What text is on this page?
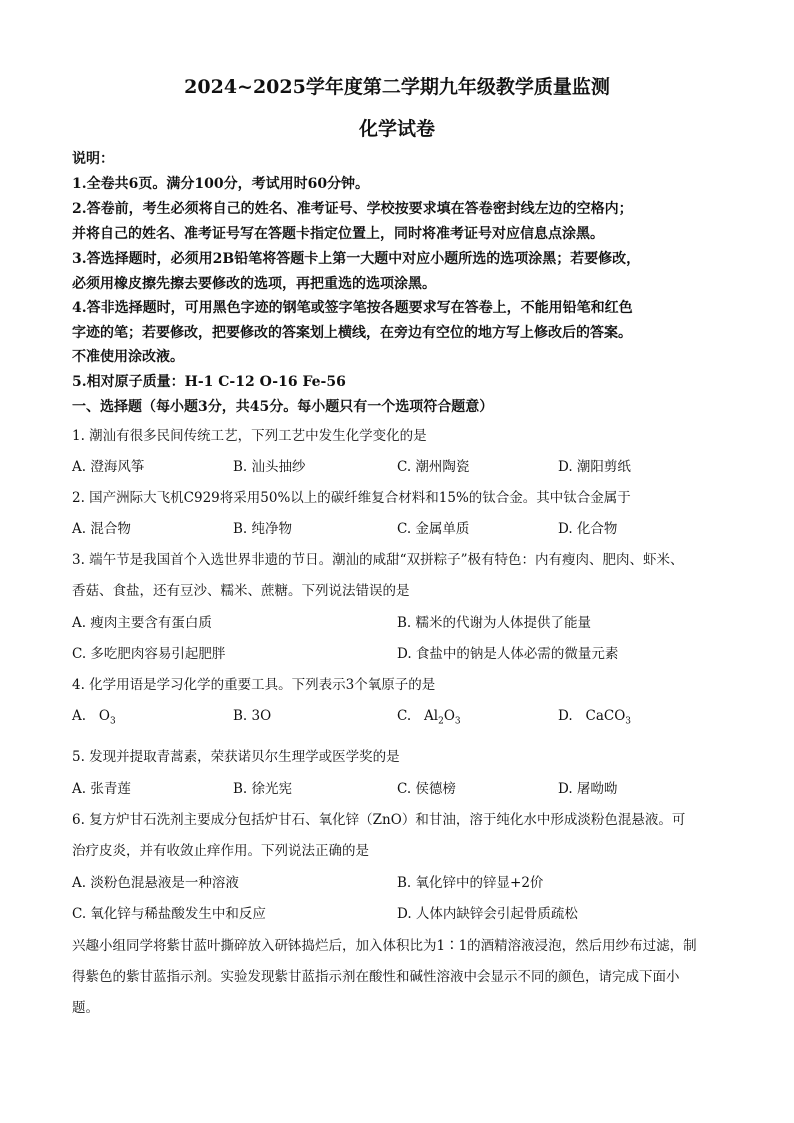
2024~2025学年度第二学期九年级教学质量监测
化学试卷
说明：
1.全卷共6页。满分100分，考试用时60分钟。
2.答卷前，考生必须将自己的姓名、准考证号、学校按要求填在答卷密封线左边的空格内；
并将自己的姓名、准考证号写在答题卡指定位置上，同时将准考证号对应信息点涂黑。
3.答选择题时，必须用2B铅笔将答题卡上第一大题中对应小题所选的选项涂黑；若要修改，
必须用橡皮擦先擦去要修改的选项，再把重选的选项涂黑。
4.答非选择题时，可用黑色字迹的钢笔或签字笔按各题要求写在答卷上，不能用铅笔和红色
字迹的笔；若要修改，把要修改的答案划上横线，在旁边有空位的地方写上修改后的答案。
不准使用涂改液。
5.相对原子质量：H-1 C-12 O-16 Fe-56
一、选择题（每小题3分，共45分。每小题只有一个选项符合题意）
1. 潮汕有很多民间传统工艺，下列工艺中发生化学变化的是
A. 澄海风筝	B. 汕头抽纱	C. 潮州陶瓷	D. 潮阳剪纸
2. 国产洲际大飞机C929将采用50%以上的碳纤维复合材料和15%的钛合金。其中钛合金属于
A. 混合物	B. 纯净物	C. 金属单质	D. 化合物
3. 端午节是我国首个入选世界非遗的节日。潮汕的咸甜“双拼粽子”极有特色：内有瘦肉、肥肉、虾米、
香菇、食盐，还有豆沙、糯米、蔗糖。下列说法错误的是
A. 瘦肉主要含有蛋白质	B. 糯米的代谢为人体提供了能量
C. 多吃肥肉容易引起肥胖	D. 食盐中的钠是人体必需的微量元素
4. 化学用语是学习化学的重要工具。下列表示3个氧原子的是
A. $O_3$	B. 3O	C. $Al_2O_3$	D. CaCO$_3$
5. 发现并提取青蒿素，荣获诺贝尔生理学或医学奖的是
A. 张青莲	B. 徐光宪	C. 侯德榜	D. 屠呦呦
6. 复方炉甘石洗剂主要成分包括炉甘石、氧化锌（ZnO）和甘油，溶于纯化水中形成淡粉色混悬液。可
治疗皮炎，并有收敛止痒作用。下列说法正确的是
A. 淡粉色混悬液是一种溶液	B. 氧化锌中的锌显+2价
C. 氧化锌与稀盐酸发生中和反应	D. 人体内缺锌会引起骨质疏松
兴趣小组同学将紫甘蓝叶撕碎放入研钵捣烂后，加入体积比为1∶1的酒精溶液浸泡，然后用纱布过滤，制
得紫色的紫甘蓝指示剂。实验发现紫甘蓝指示剂在酸性和碱性溶液中会显示不同的颜色，请完成下面小
题。
